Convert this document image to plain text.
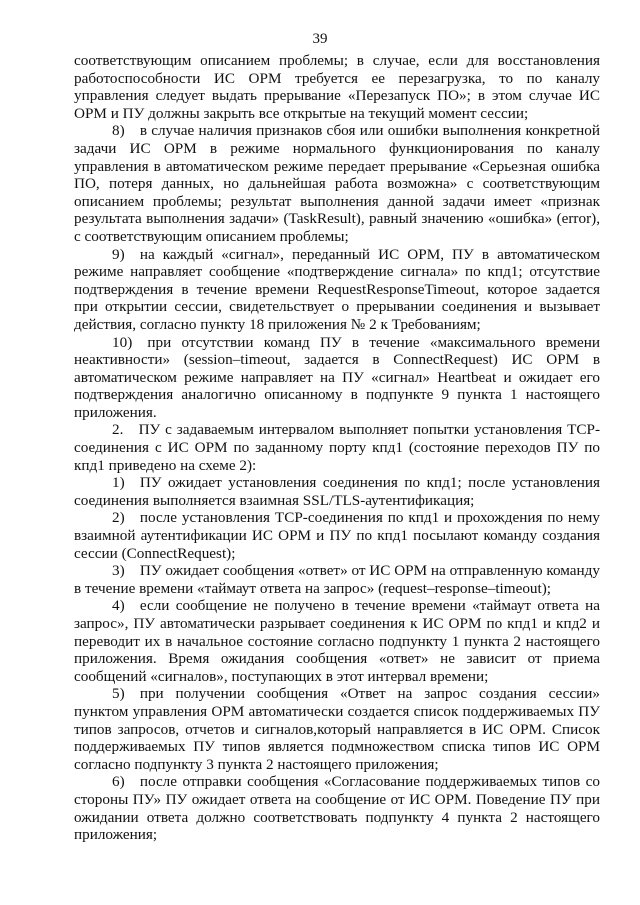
39

соответствующим описанием проблемы; в случае, если для восстановления работоспособности ИС ОРМ требуется ее перезагрузка, то по каналу управления следует выдать прерывание «Перезапуск ПО»; в этом случае ИС ОРМ и ПУ должны закрыть все открытые на текущий момент сессии;

8) в случае наличия признаков сбоя или ошибки выполнения конкретной задачи ИС ОРМ в режиме нормального функционирования по каналу управления в автоматическом режиме передает прерывание «Серьезная ошибка ПО, потеря данных, но дальнейшая работа возможна» с соответствующим описанием проблемы; результат выполнения данной задачи имеет «признак результата выполнения задачи» (TaskResult), равный значению «ошибка» (error), с соответствующим описанием проблемы;

9) на каждый «сигнал», переданный ИС ОРМ, ПУ в автоматическом режиме направляет сообщение «подтверждение сигнала» по кпд1; отсутствие подтверждения в течение времени RequestResponseTimeout, которое задается при открытии сессии, свидетельствует о прерывании соединения и вызывает действия, согласно пункту 18 приложения № 2 к Требованиям;

10) при отсутствии команд ПУ в течение «максимального времени неактивности» (session–timeout, задается в ConnectRequest) ИС ОРМ в автоматическом режиме направляет на ПУ «сигнал» Heartbeat и ожидает его подтверждения аналогично описанному в подпункте 9 пункта 1 настоящего приложения.

2. ПУ с задаваемым интервалом выполняет попытки установления TCP-соединения с ИС ОРМ по заданному порту кпд1 (состояние переходов ПУ по кпд1 приведено на схеме 2):

1) ПУ ожидает установления соединения по кпд1; после установления соединения выполняется взаимная SSL/TLS-аутентификация;

2) после установления TCP-соединения по кпд1 и прохождения по нему взаимной аутентификации ИС ОРМ и ПУ по кпд1 посылают команду создания сессии (ConnectRequest);

3) ПУ ожидает сообщения «ответ» от ИС ОРМ на отправленную команду в течение времени «таймаут ответа на запрос» (request–response–timeout);

4) если сообщение не получено в течение времени «таймаут ответа на запрос», ПУ автоматически разрывает соединения к ИС ОРМ по кпд1 и кпд2 и переводит их в начальное состояние согласно подпункту 1 пункта 2 настоящего приложения. Время ожидания сообщения «ответ» не зависит от приема сообщений «сигналов», поступающих в этот интервал времени;

5) при получении сообщения «Ответ на запрос создания сессии» пунктом управления ОРМ автоматически создается список поддерживаемых ПУ типов запросов, отчетов и сигналов,который направляется в ИС ОРМ. Список поддерживаемых ПУ типов является подмножеством списка типов ИС ОРМ согласно подпункту 3 пункта 2 настоящего приложения;

6) после отправки сообщения «Согласование поддерживаемых типов со стороны ПУ» ПУ ожидает ответа на сообщение от ИС ОРМ. Поведение ПУ при ожидании ответа должно соответствовать подпункту 4 пункта 2 настоящего приложения;
